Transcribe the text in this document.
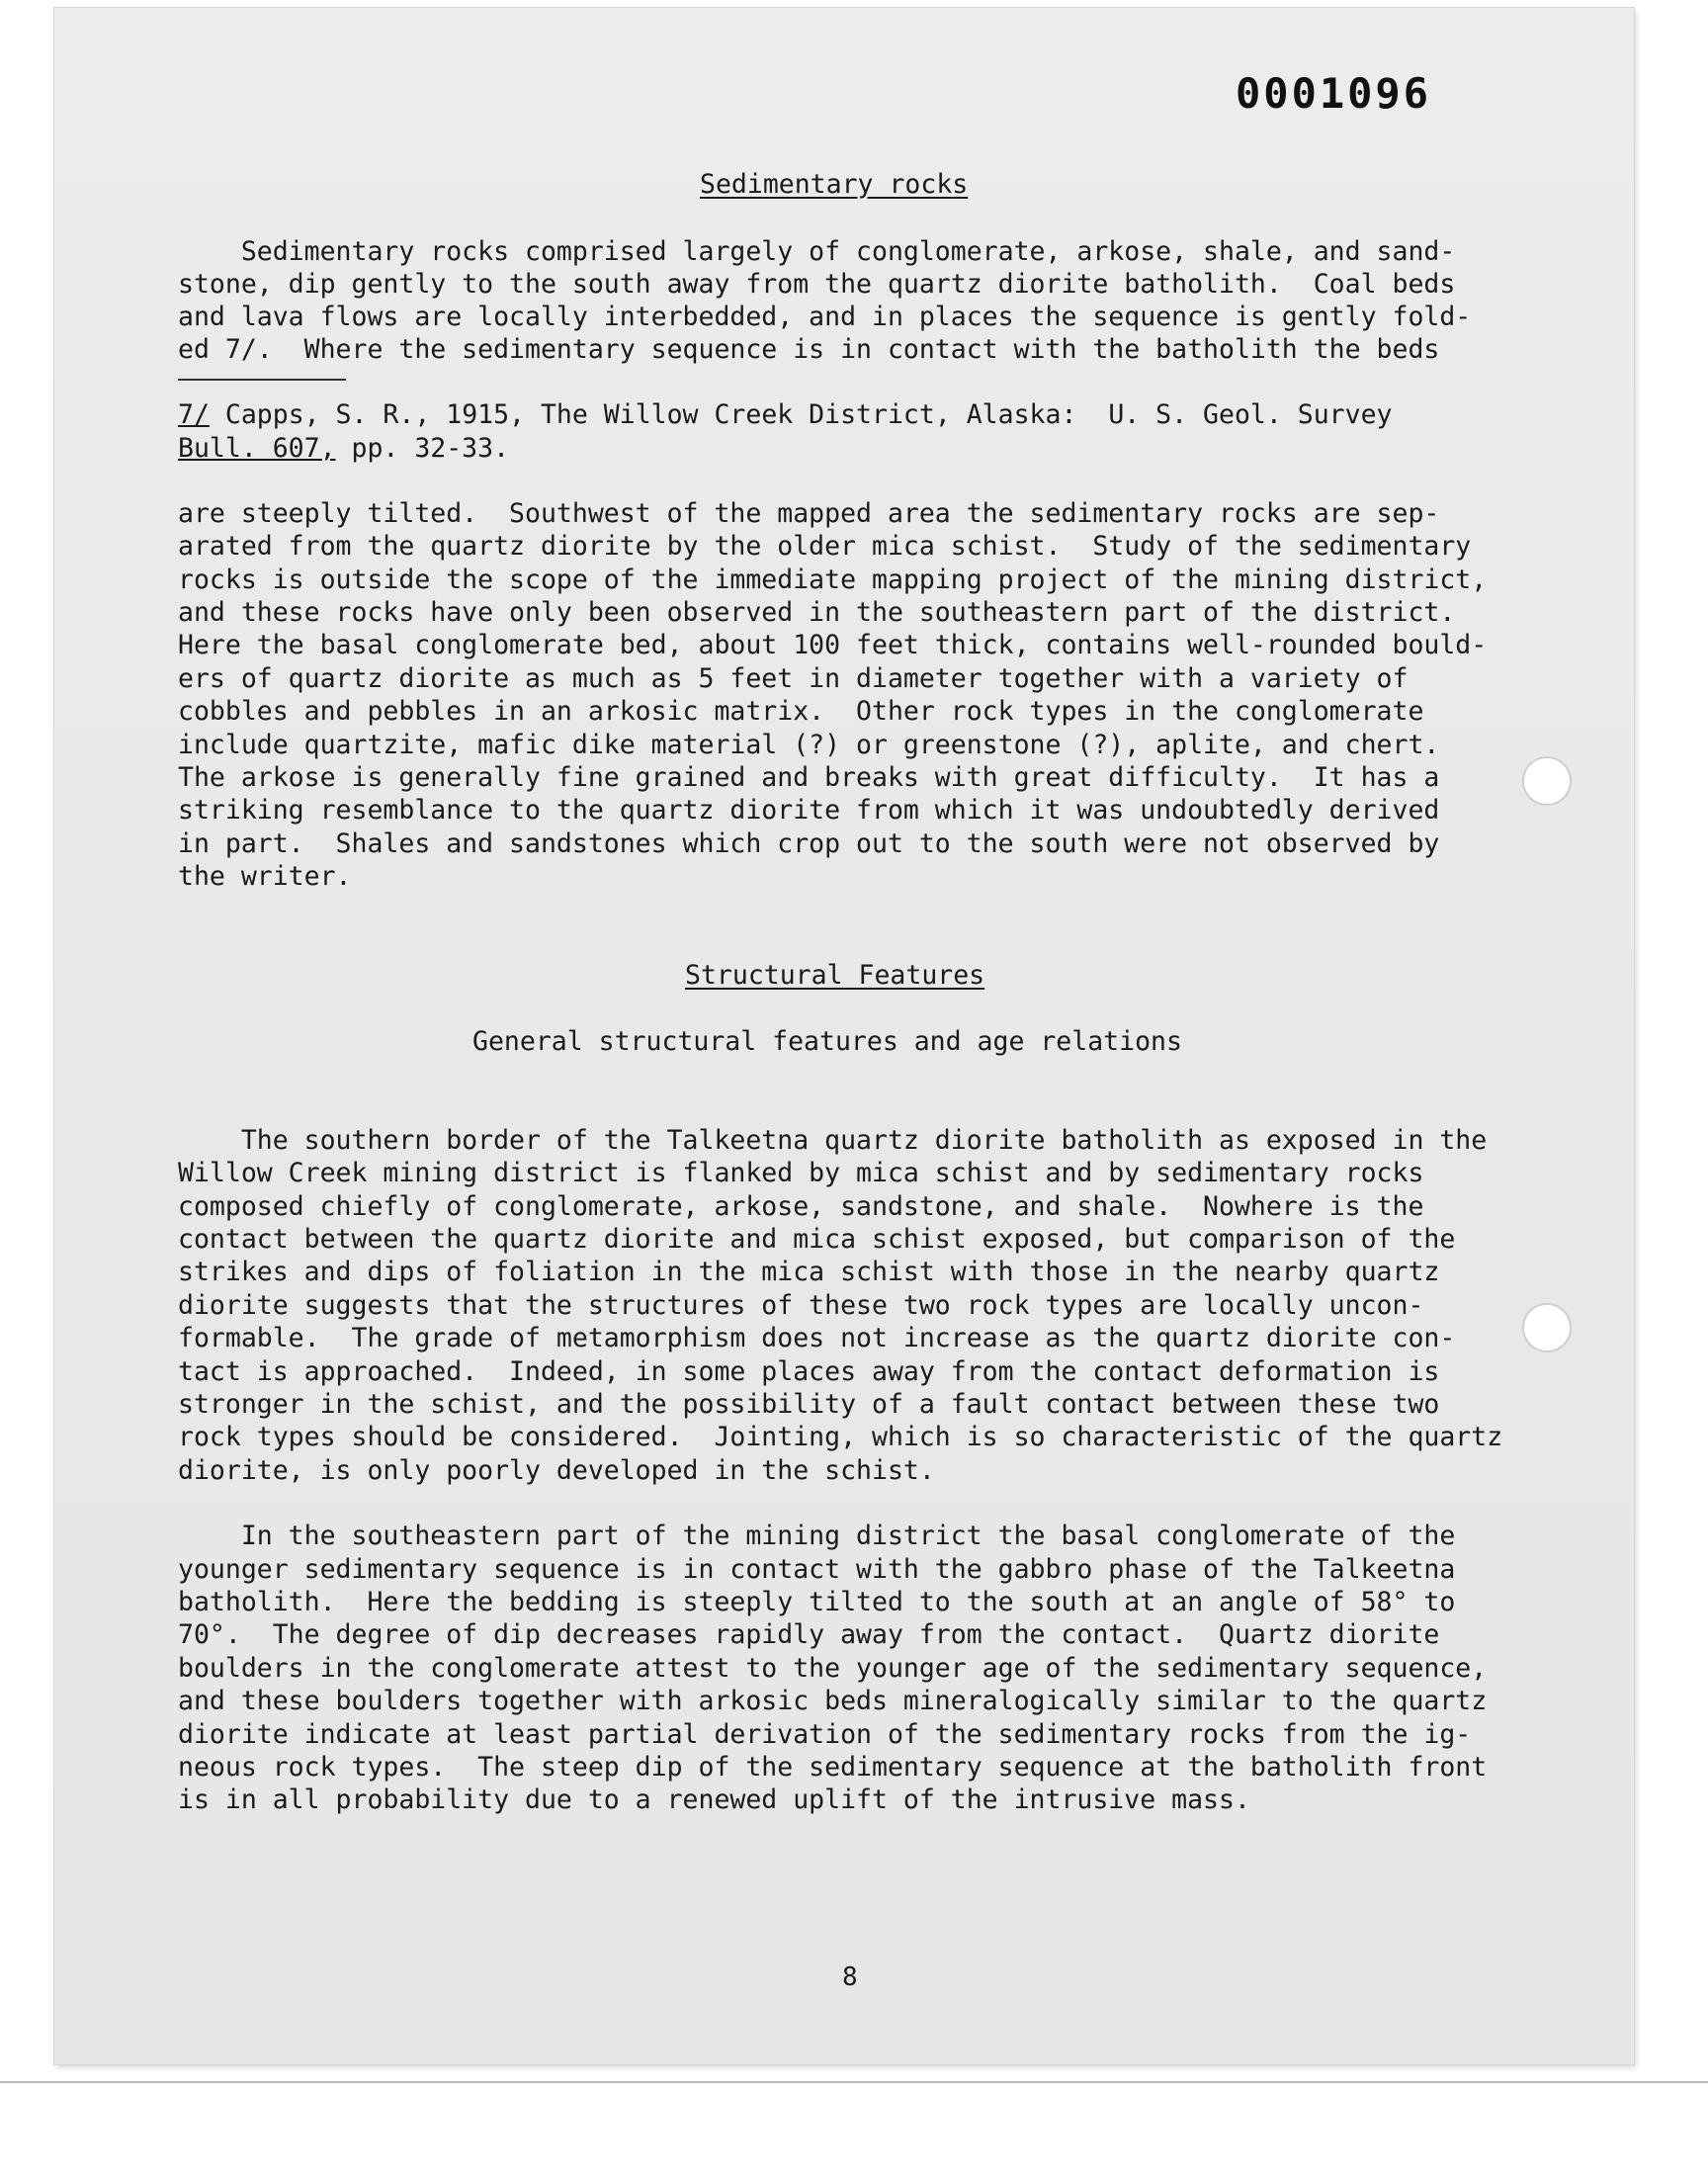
0001096
Sedimentary rocks
Sedimentary rocks comprised largely of conglomerate, arkose, shale, and sand-
stone, dip gently to the south away from the quartz diorite batholith.  Coal beds
and lava flows are locally interbedded, and in places the sequence is gently fold-
ed 7/.  Where the sedimentary sequence is in contact with the batholith the beds
7/ Capps, S. R., 1915, The Willow Creek District, Alaska:  U. S. Geol. Survey
Bull. 607, pp. 32-33.
are steeply tilted.  Southwest of the mapped area the sedimentary rocks are sep-
arated from the quartz diorite by the older mica schist.  Study of the sedimentary
rocks is outside the scope of the immediate mapping project of the mining district,
and these rocks have only been observed in the southeastern part of the district.
Here the basal conglomerate bed, about 100 feet thick, contains well-rounded bould-
ers of quartz diorite as much as 5 feet in diameter together with a variety of
cobbles and pebbles in an arkosic matrix.  Other rock types in the conglomerate
include quartzite, mafic dike material (?) or greenstone (?), aplite, and chert.
The arkose is generally fine grained and breaks with great difficulty.  It has a
striking resemblance to the quartz diorite from which it was undoubtedly derived
in part.  Shales and sandstones which crop out to the south were not observed by
the writer.
Structural Features
General structural features and age relations
The southern border of the Talkeetna quartz diorite batholith as exposed in the
Willow Creek mining district is flanked by mica schist and by sedimentary rocks
composed chiefly of conglomerate, arkose, sandstone, and shale.  Nowhere is the
contact between the quartz diorite and mica schist exposed, but comparison of the
strikes and dips of foliation in the mica schist with those in the nearby quartz
diorite suggests that the structures of these two rock types are locally uncon-
formable.  The grade of metamorphism does not increase as the quartz diorite con-
tact is approached.  Indeed, in some places away from the contact deformation is
stronger in the schist, and the possibility of a fault contact between these two
rock types should be considered.  Jointing, which is so characteristic of the quartz
diorite, is only poorly developed in the schist.
In the southeastern part of the mining district the basal conglomerate of the
younger sedimentary sequence is in contact with the gabbro phase of the Talkeetna
batholith.  Here the bedding is steeply tilted to the south at an angle of 58° to
70°.  The degree of dip decreases rapidly away from the contact.  Quartz diorite
boulders in the conglomerate attest to the younger age of the sedimentary sequence,
and these boulders together with arkosic beds mineralogically similar to the quartz
diorite indicate at least partial derivation of the sedimentary rocks from the ig-
neous rock types.  The steep dip of the sedimentary sequence at the batholith front
is in all probability due to a renewed uplift of the intrusive mass.
8
